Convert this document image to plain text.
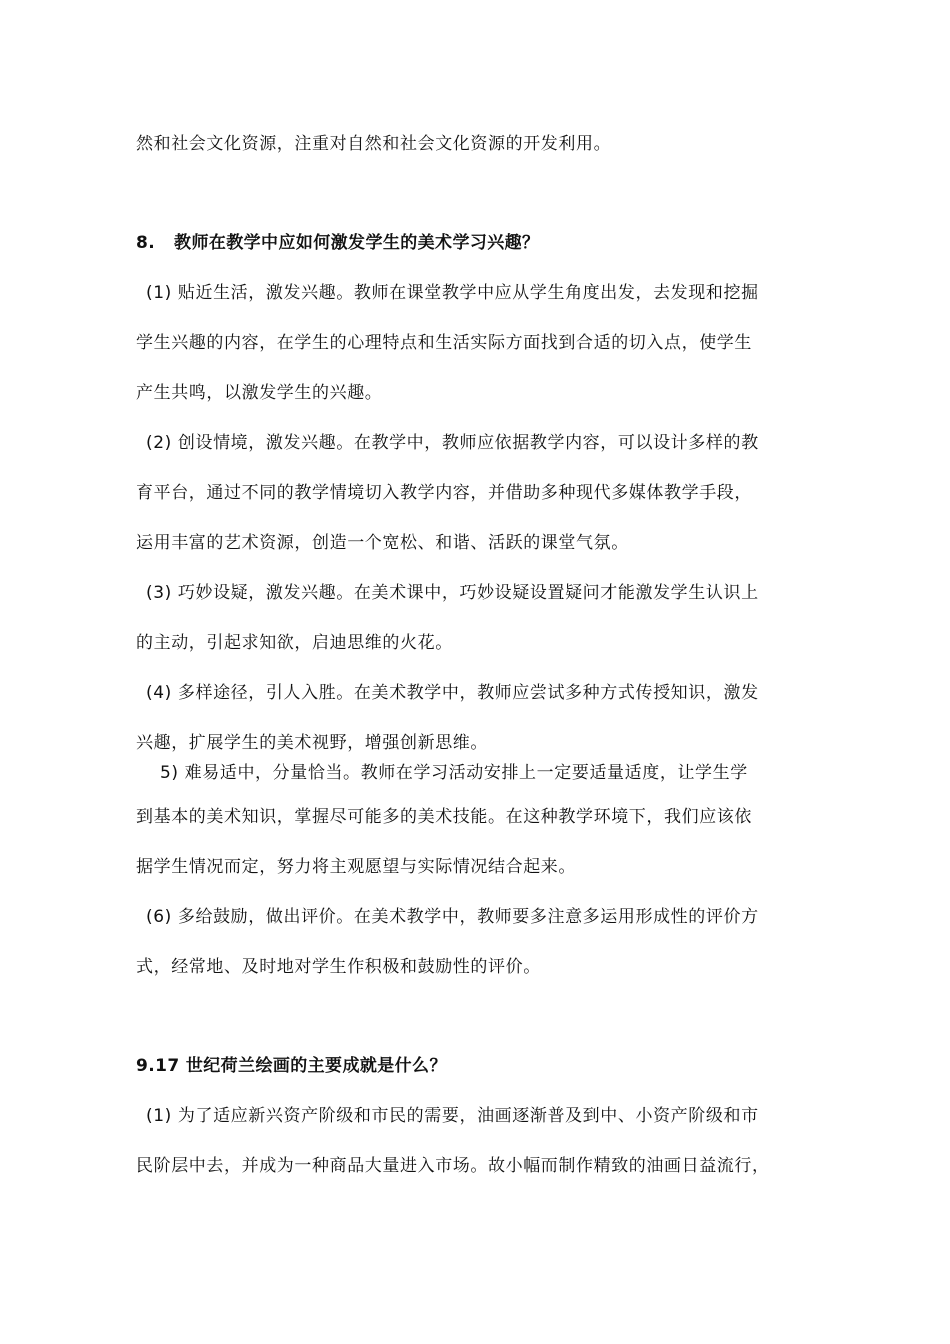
然和社会文化资源，注重对自然和社会文化资源的开发利用。
8.   教师在教学中应如何激发学生的美术学习兴趣？
(1) 贴近生活，激发兴趣。教师在课堂教学中应从学生角度出发，去发现和挖掘
学生兴趣的内容，在学生的心理特点和生活实际方面找到合适的切入点，使学生
产生共鸣，以激发学生的兴趣。
(2) 创设情境，激发兴趣。在教学中，教师应依据教学内容，可以设计多样的教
育平台，通过不同的教学情境切入教学内容，并借助多种现代多媒体教学手段，
运用丰富的艺术资源，创造一个宽松、和谐、活跃的课堂气氛。
(3) 巧妙设疑，激发兴趣。在美术课中，巧妙设疑设置疑问才能激发学生认识上
的主动，引起求知欲，启迪思维的火花。
(4) 多样途径，引人入胜。在美术教学中，教师应尝试多种方式传授知识，激发
兴趣，扩展学生的美术视野，增强创新思维。
5) 难易适中，分量恰当。教师在学习活动安排上一定要适量适度，让学生学
到基本的美术知识，掌握尽可能多的美术技能。在这种教学环境下，我们应该依
据学生情况而定，努力将主观愿望与实际情况结合起来。
(6) 多给鼓励，做出评价。在美术教学中，教师要多注意多运用形成性的评价方
式，经常地、及时地对学生作积极和鼓励性的评价。
9.17 世纪荷兰绘画的主要成就是什么？
(1) 为了适应新兴资产阶级和市民的需要，油画逐渐普及到中、小资产阶级和市
民阶层中去，并成为一种商品大量进入市场。故小幅而制作精致的油画日益流行，
